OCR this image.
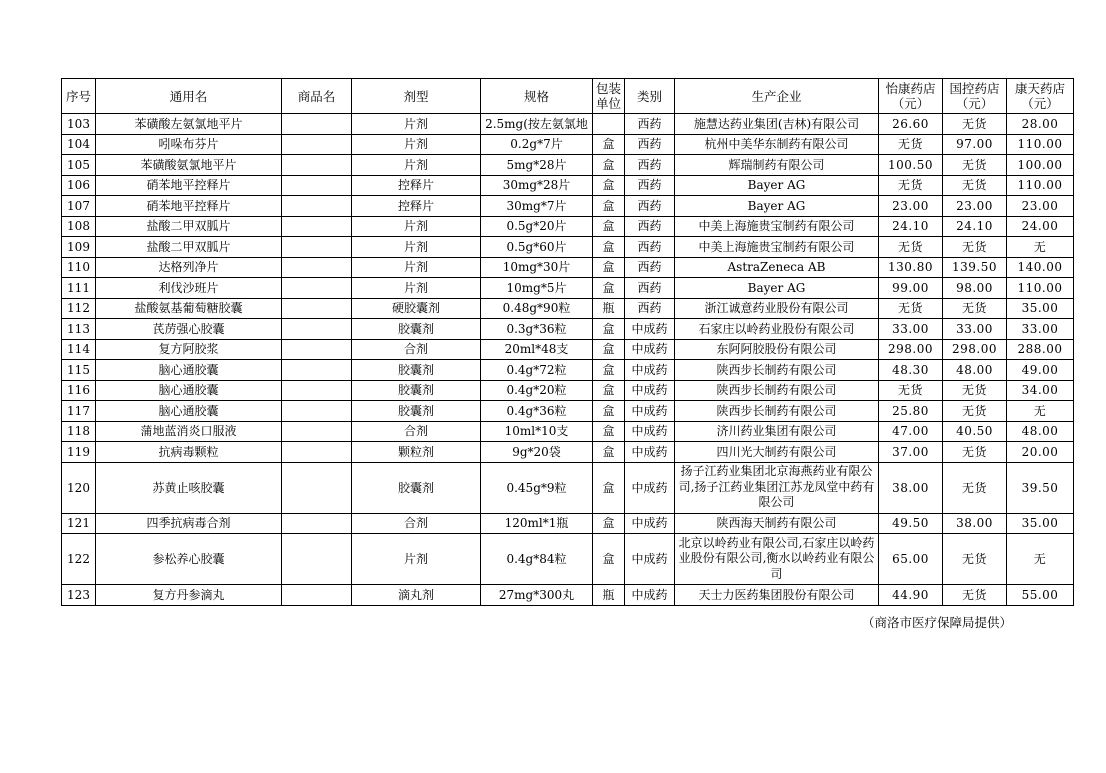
序号	通用名	商品名	剂型	规格	包装单位	类别	生产企业	怡康药店（元）	国控药店（元）	康天药店（元）
103	苯磺酸左氨氯地平片		片剂	2.5mg(按左氨氯地		西药	施慧达药业集团(吉林)有限公司	26.60	无货	28.00
104	吲哚布芬片		片剂	0.2g*7片	盒	西药	杭州中美华东制药有限公司	无货	97.00	110.00
105	苯磺酸氨氯地平片		片剂	5mg*28片	盒	西药	辉瑞制药有限公司	100.50	无货	100.00
106	硝苯地平控释片		控释片	30mg*28片	盒	西药	Bayer AG	无货	无货	110.00
107	硝苯地平控释片		控释片	30mg*7片	盒	西药	Bayer AG	23.00	23.00	23.00
108	盐酸二甲双胍片		片剂	0.5g*20片	盒	西药	中美上海施贵宝制药有限公司	24.10	24.10	24.00
109	盐酸二甲双胍片		片剂	0.5g*60片	盒	西药	中美上海施贵宝制药有限公司	无货	无货	无
110	达格列净片		片剂	10mg*30片	盒	西药	AstraZeneca AB	130.80	139.50	140.00
111	利伐沙班片		片剂	10mg*5片	盒	西药	Bayer AG	99.00	98.00	110.00
112	盐酸氨基葡萄糖胶囊		硬胶囊剂	0.48g*90粒	瓶	西药	浙江诚意药业股份有限公司	无货	无货	35.00
113	芪苈强心胶囊		胶囊剂	0.3g*36粒	盒	中成药	石家庄以岭药业股份有限公司	33.00	33.00	33.00
114	复方阿胶浆		合剂	20ml*48支	盒	中成药	东阿阿胶股份有限公司	298.00	298.00	288.00
115	脑心通胶囊		胶囊剂	0.4g*72粒	盒	中成药	陕西步长制药有限公司	48.30	48.00	49.00
116	脑心通胶囊		胶囊剂	0.4g*20粒	盒	中成药	陕西步长制药有限公司	无货	无货	34.00
117	脑心通胶囊		胶囊剂	0.4g*36粒	盒	中成药	陕西步长制药有限公司	25.80	无货	无
118	蒲地蓝消炎口服液		合剂	10ml*10支	盒	中成药	济川药业集团有限公司	47.00	40.50	48.00
119	抗病毒颗粒		颗粒剂	9g*20袋	盒	中成药	四川光大制药有限公司	37.00	无货	20.00
120	苏黄止咳胶囊		胶囊剂	0.45g*9粒	盒	中成药	扬子江药业集团北京海燕药业有限公司,扬子江药业集团江苏龙凤堂中药有限公司	38.00	无货	39.50
121	四季抗病毒合剂		合剂	120ml*1瓶	盒	中成药	陕西海天制药有限公司	49.50	38.00	35.00
122	参松养心胶囊		片剂	0.4g*84粒	盒	中成药	北京以岭药业有限公司,石家庄以岭药业股份有限公司,衡水以岭药业有限公司	65.00	无货	无
123	复方丹参滴丸		滴丸剂	27mg*300丸	瓶	中成药	天士力医药集团股份有限公司	44.90	无货	55.00
（商洛市医疗保障局提供）
